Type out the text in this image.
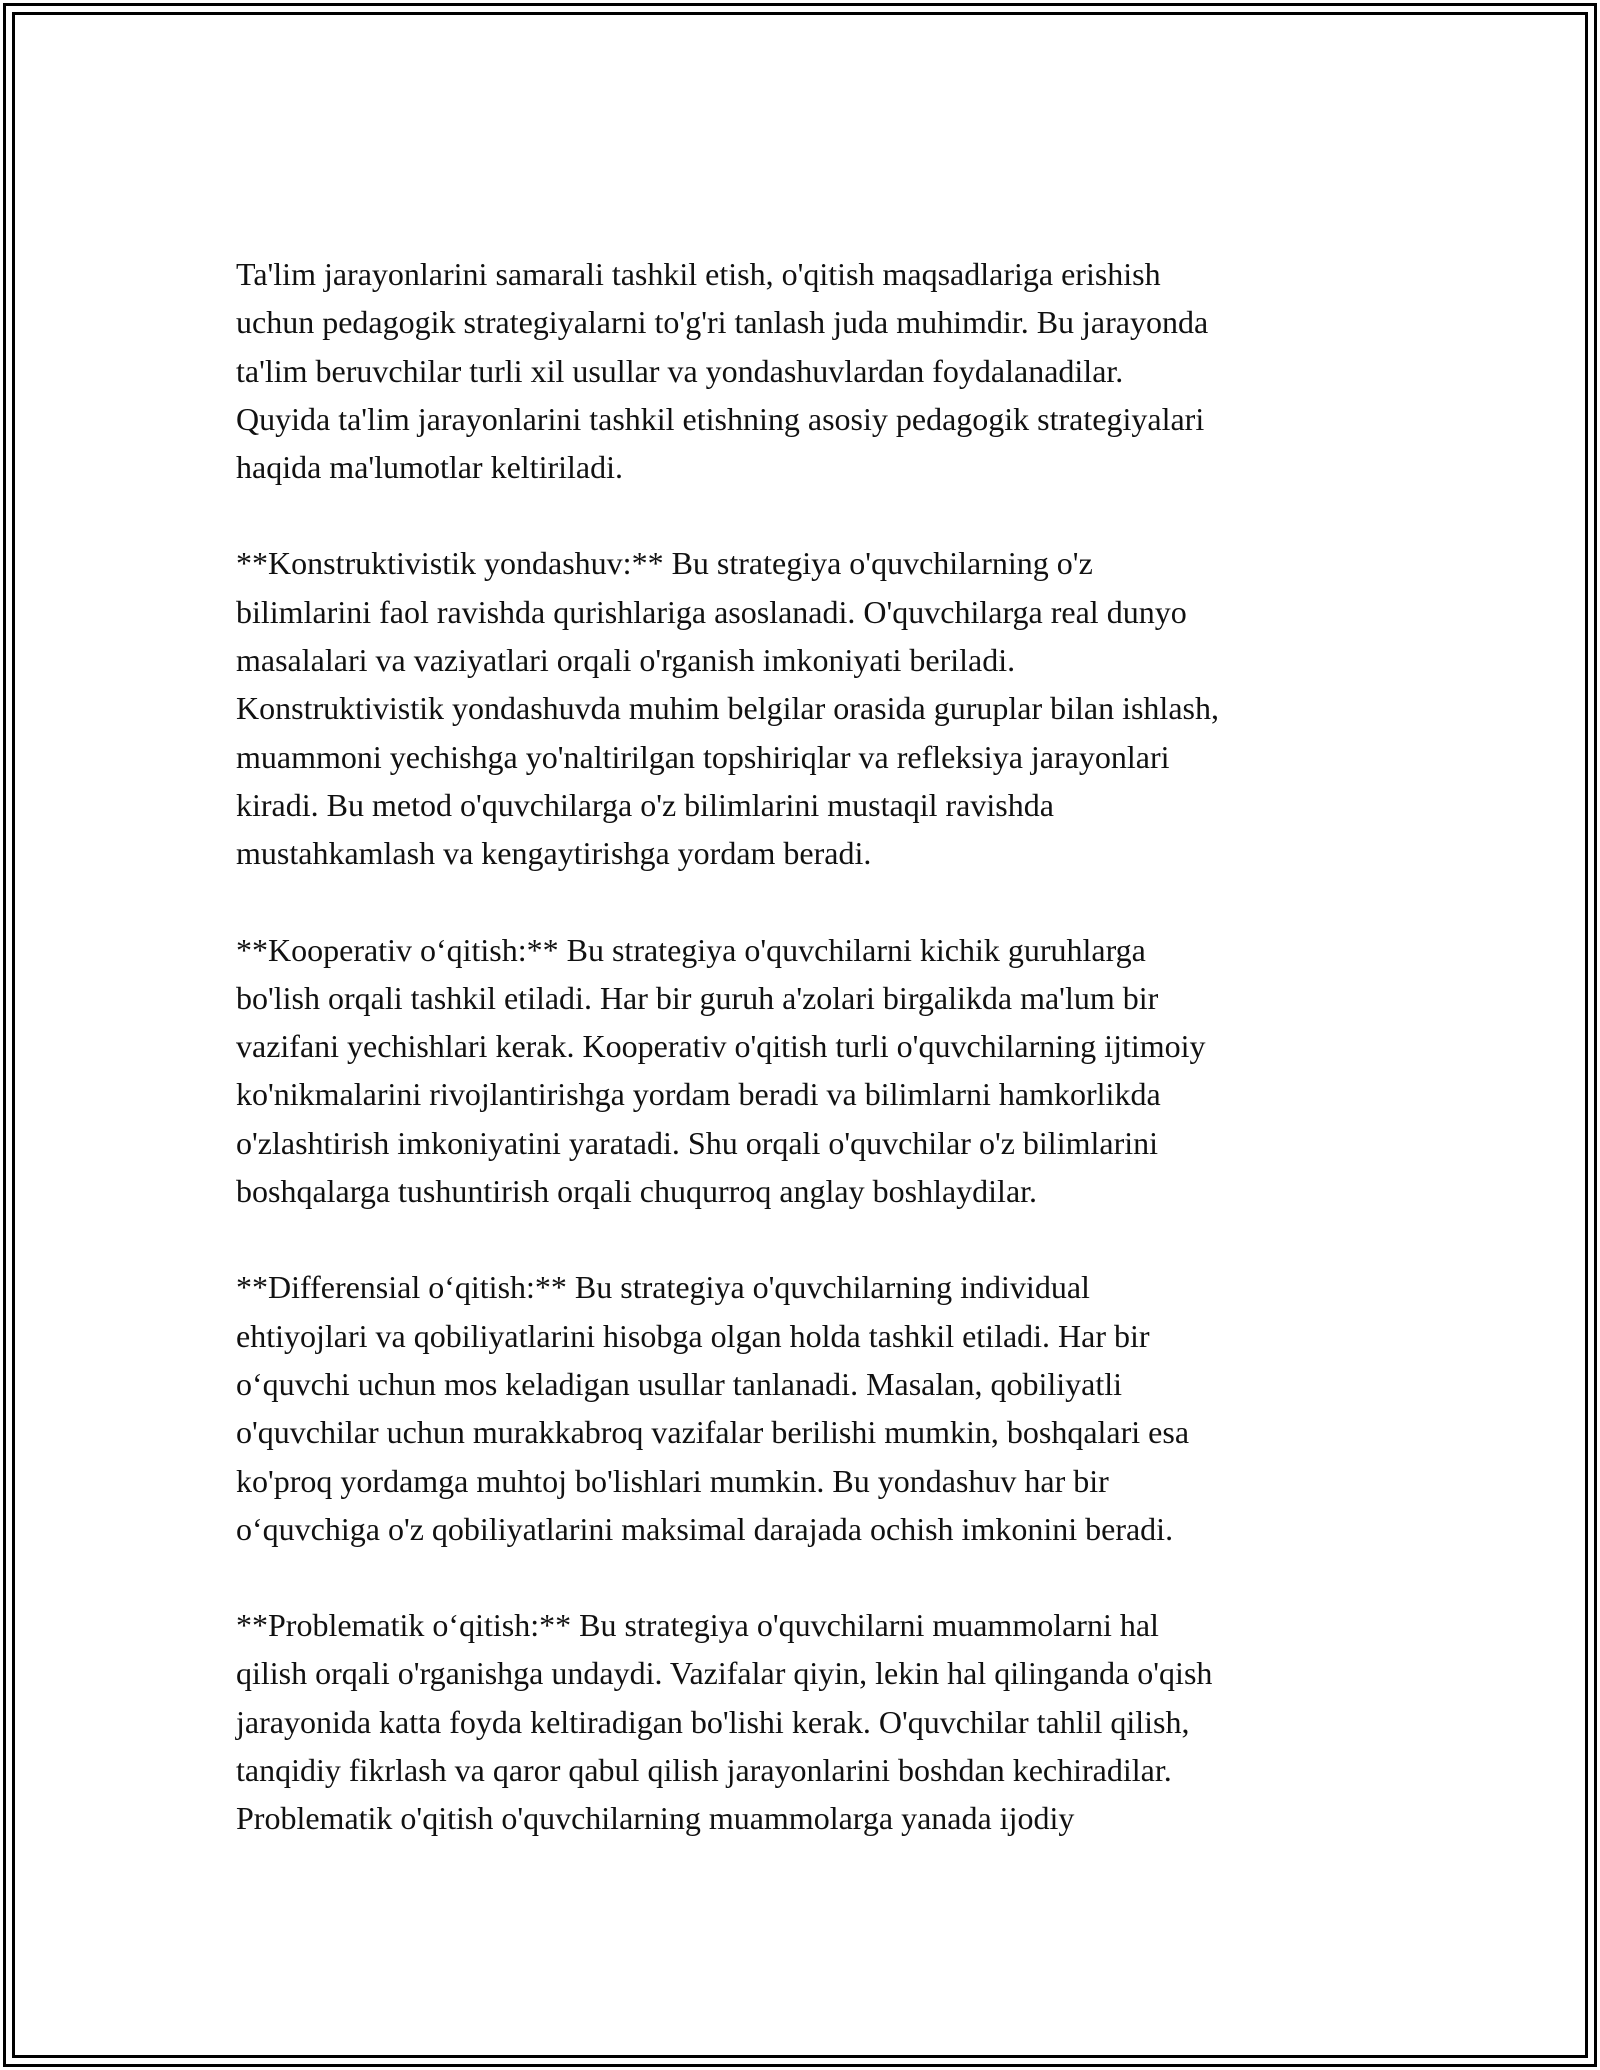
Ta'lim jarayonlarini samarali tashkil etish, o'qitish maqsadlariga erishish
uchun pedagogik strategiyalarni to'g'ri tanlash juda muhimdir. Bu jarayonda
ta'lim beruvchilar turli xil usullar va yondashuvlardan foydalanadilar.
Quyida ta'lim jarayonlarini tashkil etishning asosiy pedagogik strategiyalari
haqida ma'lumotlar keltiriladi.

**Konstruktivistik yondashuv:** Bu strategiya o'quvchilarning o'z
bilimlarini faol ravishda qurishlariga asoslanadi. O'quvchilarga real dunyo
masalalari va vaziyatlari orqali o'rganish imkoniyati beriladi.
Konstruktivistik yondashuvda muhim belgilar orasida guruplar bilan ishlash,
muammoni yechishga yo'naltirilgan topshiriqlar va refleksiya jarayonlari
kiradi. Bu metod o'quvchilarga o'z bilimlarini mustaqil ravishda
mustahkamlash va kengaytirishga yordam beradi.

**Kooperativ o‘qitish:** Bu strategiya o'quvchilarni kichik guruhlarga
bo'lish orqali tashkil etiladi. Har bir guruh a'zolari birgalikda ma'lum bir
vazifani yechishlari kerak. Kooperativ o'qitish turli o'quvchilarning ijtimoiy
ko'nikmalarini rivojlantirishga yordam beradi va bilimlarni hamkorlikda
o'zlashtirish imkoniyatini yaratadi. Shu orqali o'quvchilar o'z bilimlarini
boshqalarga tushuntirish orqali chuqurroq anglay boshlaydilar.

**Differensial o‘qitish:** Bu strategiya o'quvchilarning individual
ehtiyojlari va qobiliyatlarini hisobga olgan holda tashkil etiladi. Har bir
o‘quvchi uchun mos keladigan usullar tanlanadi. Masalan, qobiliyatli
o'quvchilar uchun murakkabroq vazifalar berilishi mumkin, boshqalari esa
ko'proq yordamga muhtoj bo'lishlari mumkin. Bu yondashuv har bir
o‘quvchiga o'z qobiliyatlarini maksimal darajada ochish imkonini beradi.

**Problematik o‘qitish:** Bu strategiya o'quvchilarni muammolarni hal
qilish orqali o'rganishga undaydi. Vazifalar qiyin, lekin hal qilinganda o'qish
jarayonida katta foyda keltiradigan bo'lishi kerak. O'quvchilar tahlil qilish,
tanqidiy fikrlash va qaror qabul qilish jarayonlarini boshdan kechiradilar.
Problematik o'qitish o'quvchilarning muammolarga yanada ijodiy
